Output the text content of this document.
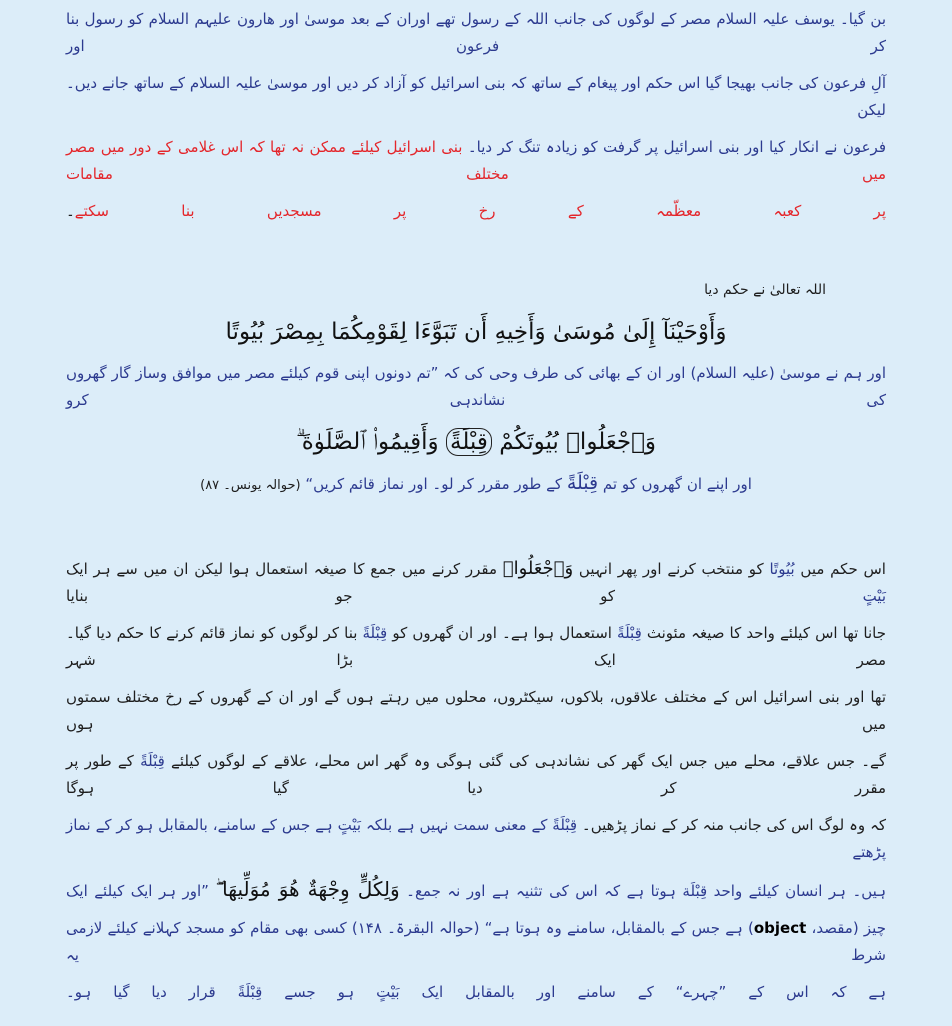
بن گیا۔ یوسف علیہ السلام مصر کے لوگوں کی جانب اللہ کے رسول تھے اوران کے بعد موسیٰ اور ھارون علیہم السلام کو رسول بنا کر فرعون اور
آلِ فرعون کی جانب بھیجا گیا اس حکم اور پیغام کے ساتھ کہ بنی اسرائیل کو آزاد کر دیں اور موسیٰ علیہ السلام کے ساتھ جانے دیں۔ لیکن
فرعون نے انکار کیا اور بنی اسرائیل پر گرفت کو زیادہ تنگ کر دیا۔ بنی اسرائیل کیلئے ممکن نہ تھا کہ اس غلامی کے دور میں مصر میں مختلف مقامات
پر کعبہ معظّمہ کے رخ پر مسجدیں بنا سکتے۔
اللہ تعالیٰ نے حکم دیا
وَأَوْحَيْنَآ إِلَىٰ مُوسَىٰ وَأَخِيهِ أَن تَبَوَّءَا لِقَوْمِكُمَا بِمِصْرَ بُيُوتًا
اور ہم نے موسیٰ (علیہ السلام) اور ان کے بھائی کی طرف وحی کی کہ ”تم دونوں اپنی قوم کیلئے مصر میں موافق وساز گار گھروں کی نشاندہی کرو
وَٱجْعَلُوا۟ بُيُوتَكُمْ قِبْلَةً وَأَقِيمُوا۟ ٱلصَّلَوٰةَ ۗ
اور اپنے ان گھروں کو تم قِبْلَةً کے طور مقرر کر لو۔ اور نماز قائم کریں“ (حوالہ یونس۔ ۸۷)
اس حکم میں بُيُوتًا کو منتخب کرنے اور پھر انہیں وَٱجْعَلُوا۟ مقرر کرنے میں جمع کا صیغہ استعمال ہوا لیکن ان میں سے ہر ایک بَيْتٍ کو جو بنایا
جانا تھا اس کیلئے واحد کا صیغہ مئونث قِبْلَةً استعمال ہوا ہے۔ اور ان گھروں کو قِبْلَةً بنا کر لوگوں کو نماز قائم کرنے کا حکم دیا گیا۔ مصر ایک بڑا شہر
تھا اور بنی اسرائیل اس کے مختلف علاقوں، بلاکوں، سیکٹروں، محلوں میں رہتے ہوں گے اور ان کے گھروں کے رخ مختلف سمتوں میں ہوں
گے۔ جس علاقے، محلے میں جس ایک گھر کی نشاندہی کی گئی ہوگی وہ گھر اس محلے، علاقے کے لوگوں کیلئے قِبْلَةً کے طور پر مقرر کر دیا گیا ہوگا
کہ وہ لوگ اس کی جانب منہ کر کے نماز پڑھیں۔ قِبْلَةً کے معنی سمت نہیں ہے بلکہ بَيْتٍ ہے جس کے سامنے، بالمقابل ہو کر کے نماز پڑھتے
ہیں۔ ہر انسان کیلئے واحد قِبْلَة ہوتا ہے کہ اس کی تثنیہ ہے اور نہ جمع۔ وَلِكُلٍّ وِجْهَةٌ هُوَ مُوَلِّيهَا ۖ ”اور ہر ایک کیلئے ایک
چیز (مقصد، object) ہے جس کے بالمقابل، سامنے وہ ہوتا ہے“ (حوالہ البقرۃ۔ ۱۴۸) کسی بھی مقام کو مسجد کہلانے کیلئے لازمی شرط یہ
ہے کہ اس کے ”چہرے“ کے سامنے اور بالمقابل ایک بَيْتٍ ہو جسے قِبْلَةً قرار دیا گیا ہو۔
